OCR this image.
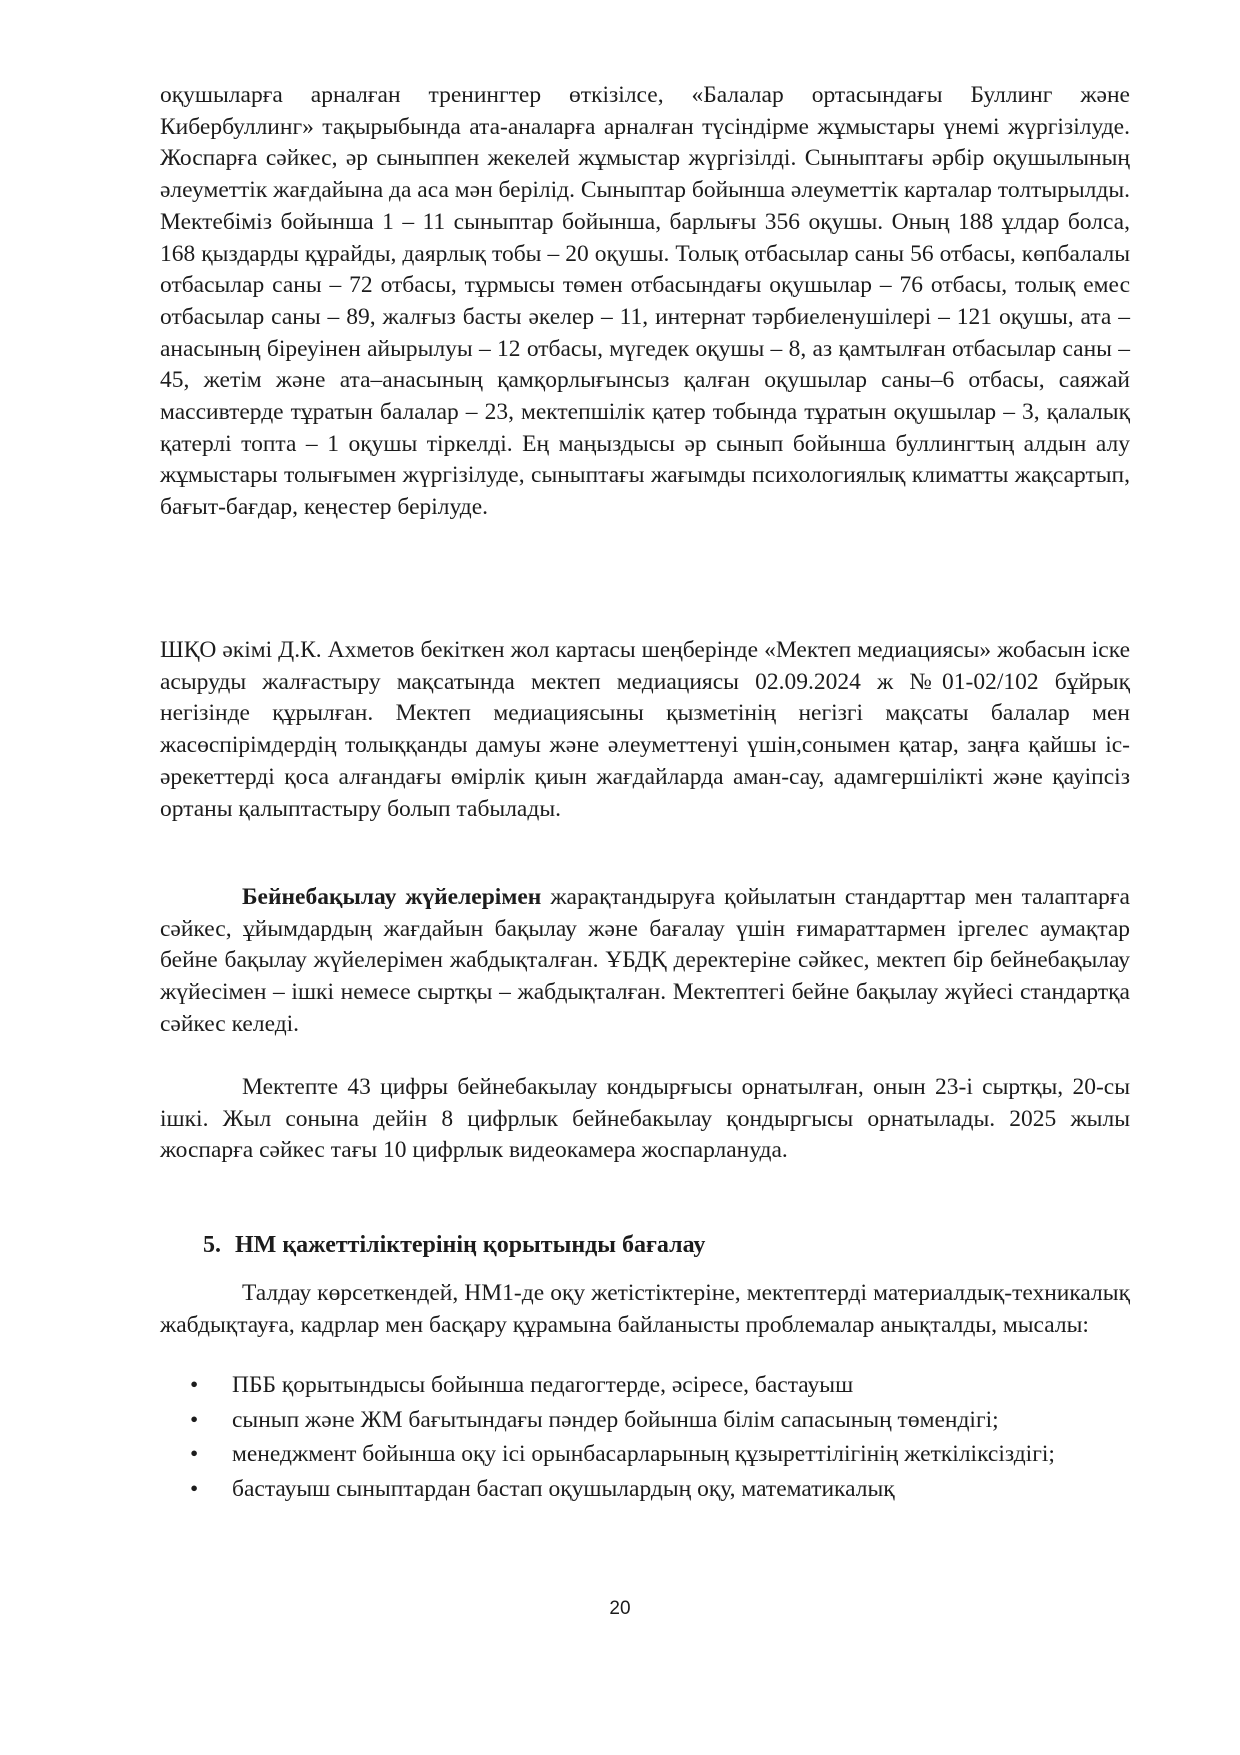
оқушыларға арналған тренингтер өткізілсе, «Балалар ортасындағы Буллинг және Кибербуллинг» тақырыбында ата-аналарға арналған түсіндірме жұмыстары үнемі жүргізілуде. Жоспарға сәйкес, әр сыныппен жекелей жұмыстар жүргізілді. Сыныптағы әрбір оқушылының әлеуметтік жағдайына да аса мән берілід. Сыныптар бойынша әлеуметтік карталар толтырылды. Мектебіміз бойынша 1 – 11 сыныптар бойынша, барлығы 356 оқушы. Оның 188 ұлдар болса, 168 қыздарды құрайды, даярлық тобы – 20 оқушы. Толық отбасылар саны 56 отбасы, көпбалалы отбасылар саны – 72 отбасы, тұрмысы төмен отбасындағы оқушылар – 76 отбасы, толық емес отбасылар саны – 89, жалғыз басты әкелер – 11, интернат тәрбиеленушілері – 121 оқушы, ата – анасының біреуінен айырылуы – 12 отбасы, мүгедек оқушы – 8, аз қамтылған отбасылар саны – 45, жетім және ата–анасының қамқорлығынсыз қалған оқушылар саны–6 отбасы, саяжай массивтерде тұратын балалар – 23, мектепшілік қатер тобында тұратын оқушылар – 3, қалалық қатерлі топта – 1 оқушы тіркелді. Ең маңыздысы әр сынып бойынша буллингтың алдын алу жұмыстары толығымен жүргізілуде, сыныптағы жағымды психологиялық климатты жақсартып, бағыт-бағдар, кеңестер берілуде.

ШҚО әкімі Д.К. Ахметов бекіткен жол картасы шеңберінде «Мектеп медиациясы» жобасын іске асыруды жалғастыру мақсатында мектеп медиациясы 02.09.2024 ж №01-02/102 бұйрық негізінде құрылған. Мектеп медиациясыны қызметінің негізгі мақсаты балалар мен жасөспірімдердің толыққанды дамуы және әлеуметтенуі үшін,сонымен қатар, заңға қайшы іс-әрекеттерді қоса алғандағы өмірлік қиын жағдайларда аман-сау, адамгершілікті және қауіпсіз ортаны қалыптастыру болып табылады.

Бейнебақылау жүйелерімен жарақтандыруға қойылатын стандарттар мен талаптарға сәйкес, ұйымдардың жағдайын бақылау және бағалау үшін ғимараттармен іргелес аумақтар бейне бақылау жүйелерімен жабдықталған. ҰБДҚ деректеріне сәйкес, мектеп бір бейнебақылау жүйесімен – ішкі немесе сыртқы – жабдықталған. Мектептегі бейне бақылау жүйесі стандартқа сәйкес келеді.

Мектепте 43 цифры бейнебакылау кондырғысы орнатылған, онын 23-і сыртқы, 20-сы ішкі. Жыл сонына дейін 8 цифрлык бейнебакылау қондыргысы орнатылады. 2025 жылы жоспарға сәйкес тағы 10 цифрлык видеокамера жоспарлануда.

5. НМ қажеттіліктерінің қорытынды бағалау

Талдау көрсеткендей, НМ1-де оқу жетістіктеріне, мектептерді материалдық-техникалық жабдықтауға, кадрлар мен басқару құрамына байланысты проблемалар анықталды, мысалы:

• ПББ қорытындысы бойынша педагогтерде, әсіресе, бастауыш
• сынып және ЖМ бағытындағы пәндер бойынша білім сапасының төмендігі;
• менеджмент бойынша оқу ісі орынбасарларының құзыреттілігінің жеткіліксіздігі;
• бастауыш сыныптардан бастап оқушылардың оқу, математикалық
20
